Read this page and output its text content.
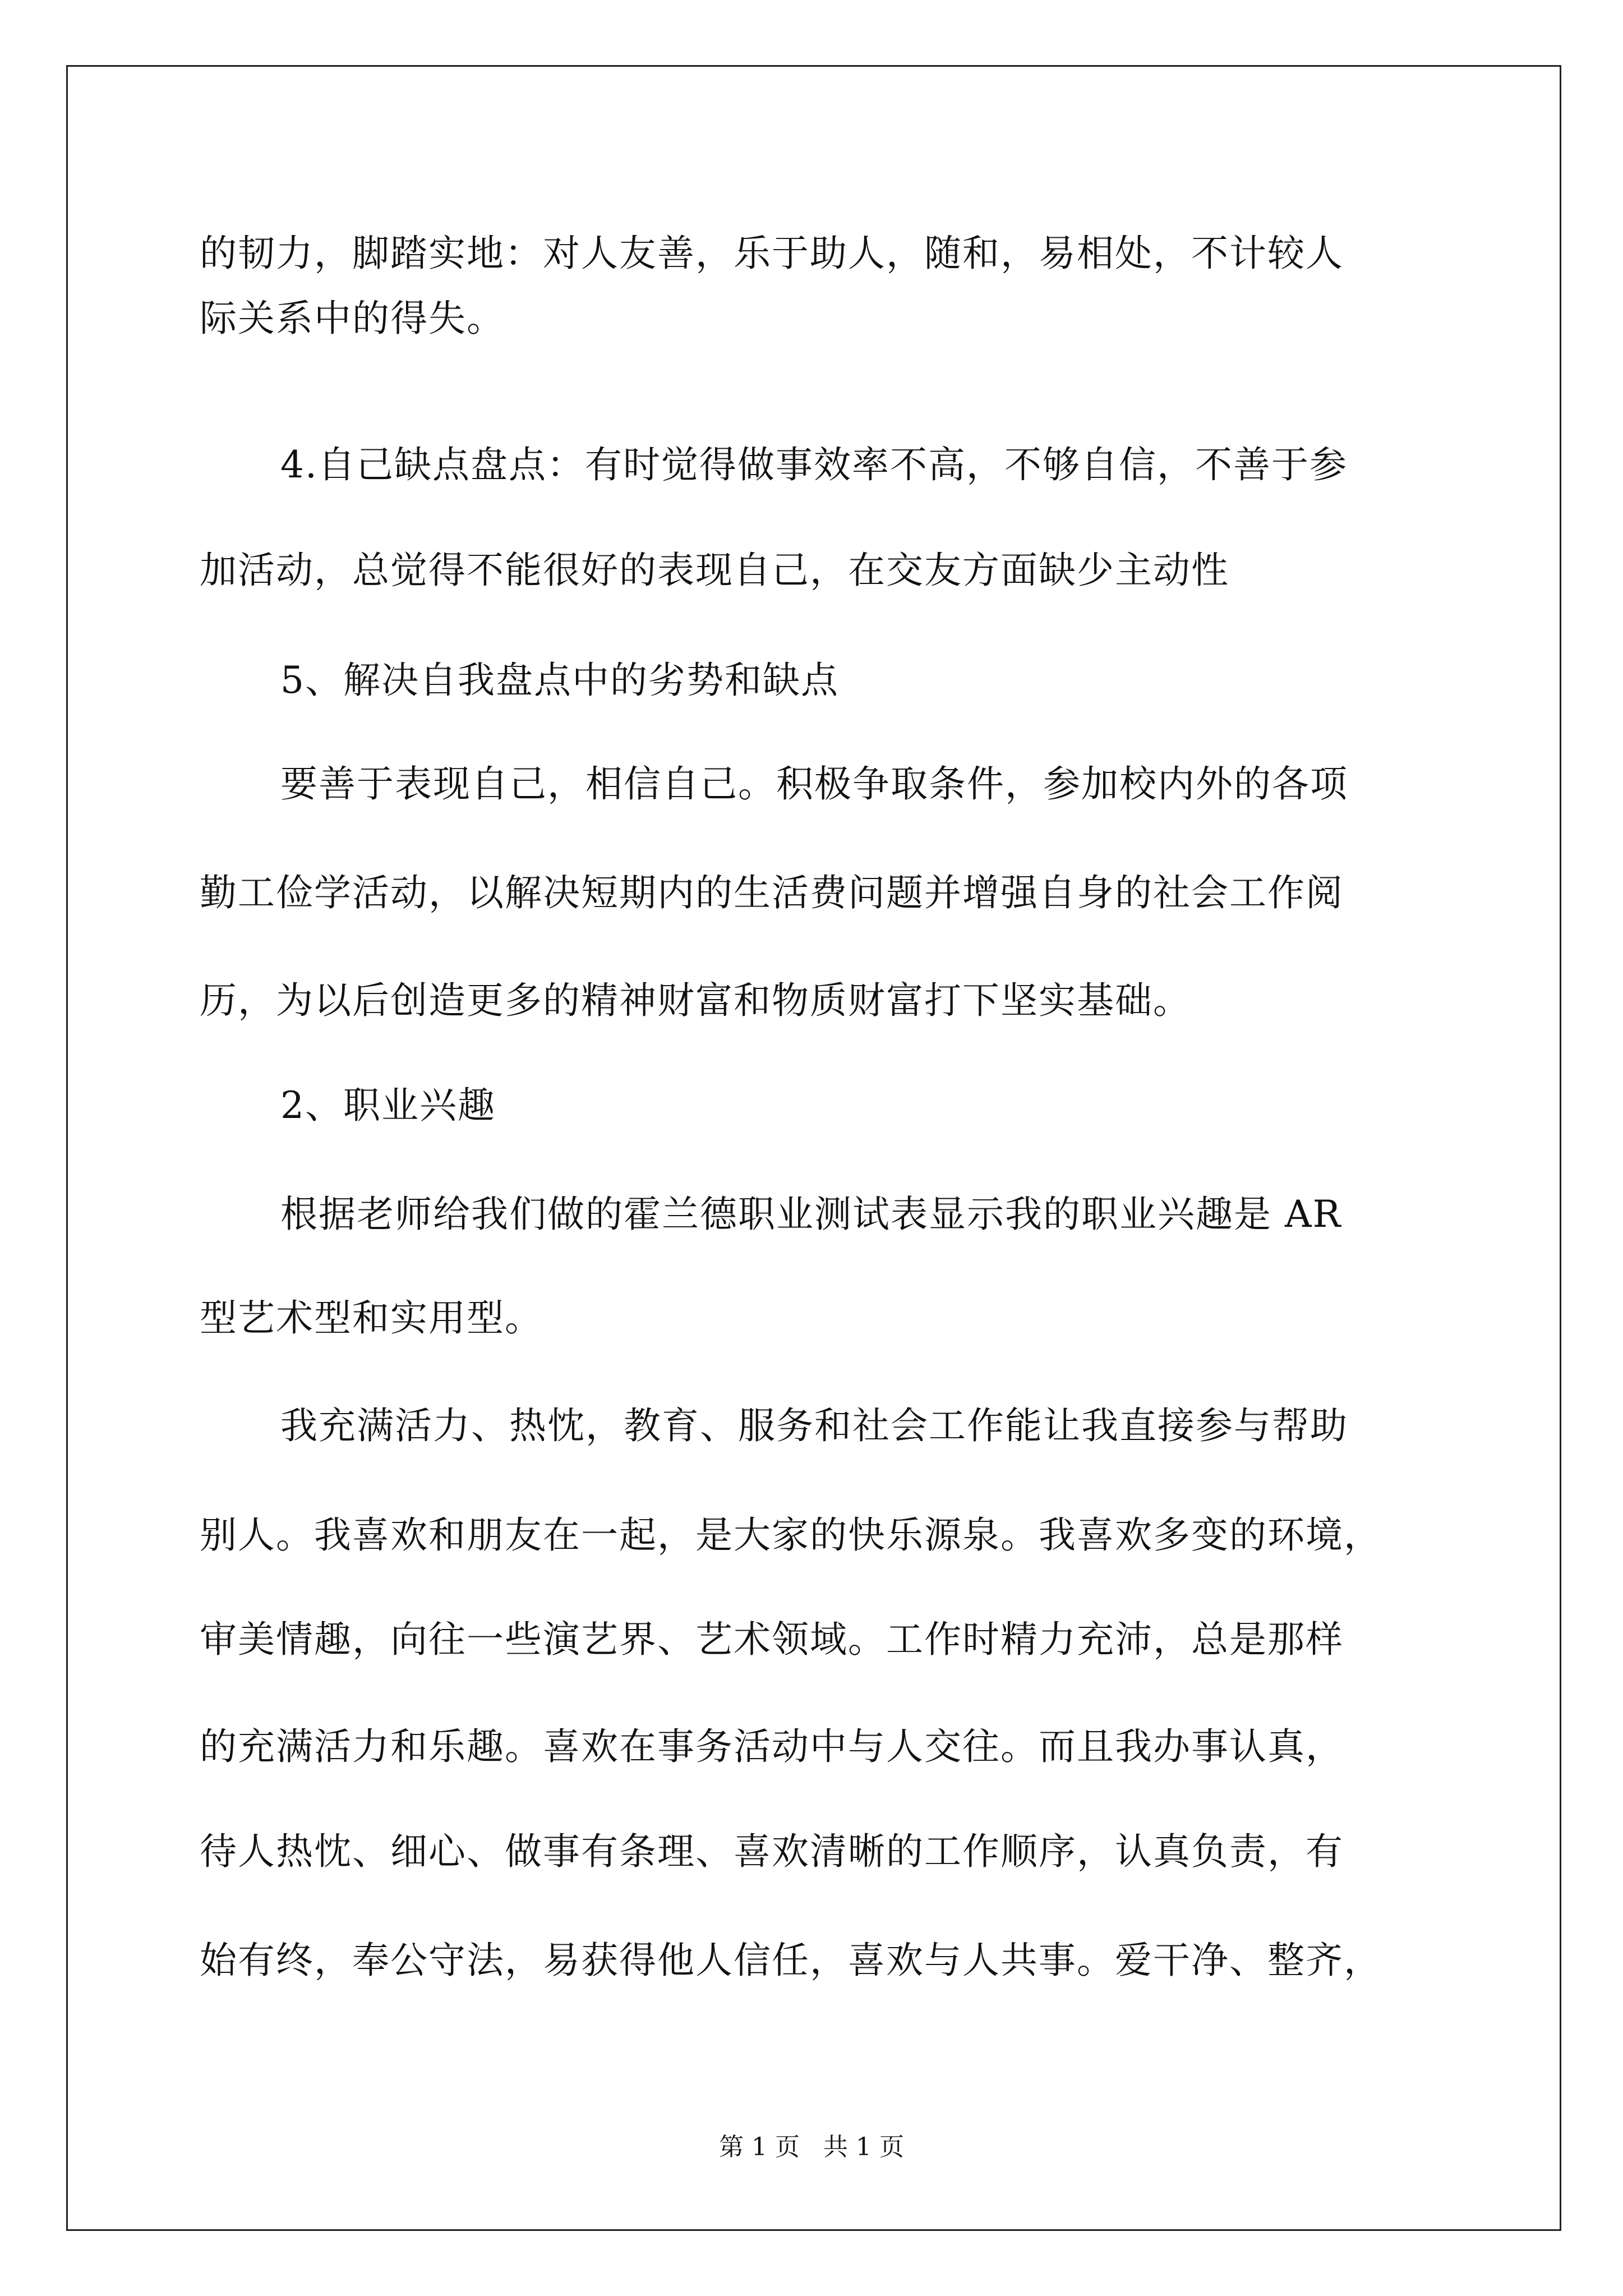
的韧力，脚踏实地：对人友善，乐于助人，随和，易相处，不计较人
际关系中的得失。
4.自己缺点盘点：有时觉得做事效率不高，不够自信，不善于参
加活动，总觉得不能很好的表现自己，在交友方面缺少主动性
5、解决自我盘点中的劣势和缺点
要善于表现自己，相信自己。积极争取条件，参加校内外的各项
勤工俭学活动，以解决短期内的生活费问题并增强自身的社会工作阅
历，为以后创造更多的精神财富和物质财富打下坚实基础。
2、职业兴趣
根据老师给我们做的霍兰德职业测试表显示我的职业兴趣是 AR
型艺术型和实用型。
我充满活力、热忱，教育、服务和社会工作能让我直接参与帮助
别人。我喜欢和朋友在一起，是大家的快乐源泉。我喜欢多变的环境，
审美情趣，向往一些演艺界、艺术领域。工作时精力充沛，总是那样
的充满活力和乐趣。喜欢在事务活动中与人交往。而且我办事认真，
待人热忱、细心、做事有条理、喜欢清晰的工作顺序，认真负责，有
始有终，奉公守法，易获得他人信任，喜欢与人共事。爱干净、整齐，
第 1 页   共 1 页
